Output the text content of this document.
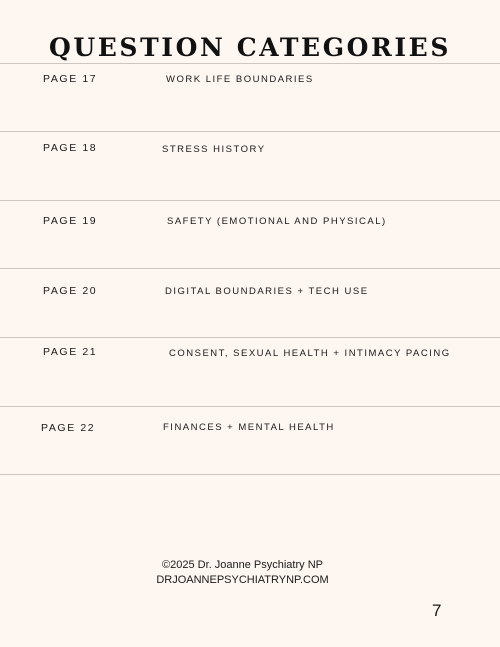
QUESTION CATEGORIES
PAGE 17	WORK LIFE BOUNDARIES
PAGE 18	STRESS HISTORY
PAGE 19	SAFETY (EMOTIONAL AND PHYSICAL)
PAGE 20	DIGITAL BOUNDARIES + TECH USE
PAGE 21	CONSENT, SEXUAL HEALTH + INTIMACY PACING
PAGE 22	FINANCES + MENTAL HEALTH
©2025 Dr. Joanne Psychiatry NP
DRJOANNEPSYCHIATRYNP.COM
7
